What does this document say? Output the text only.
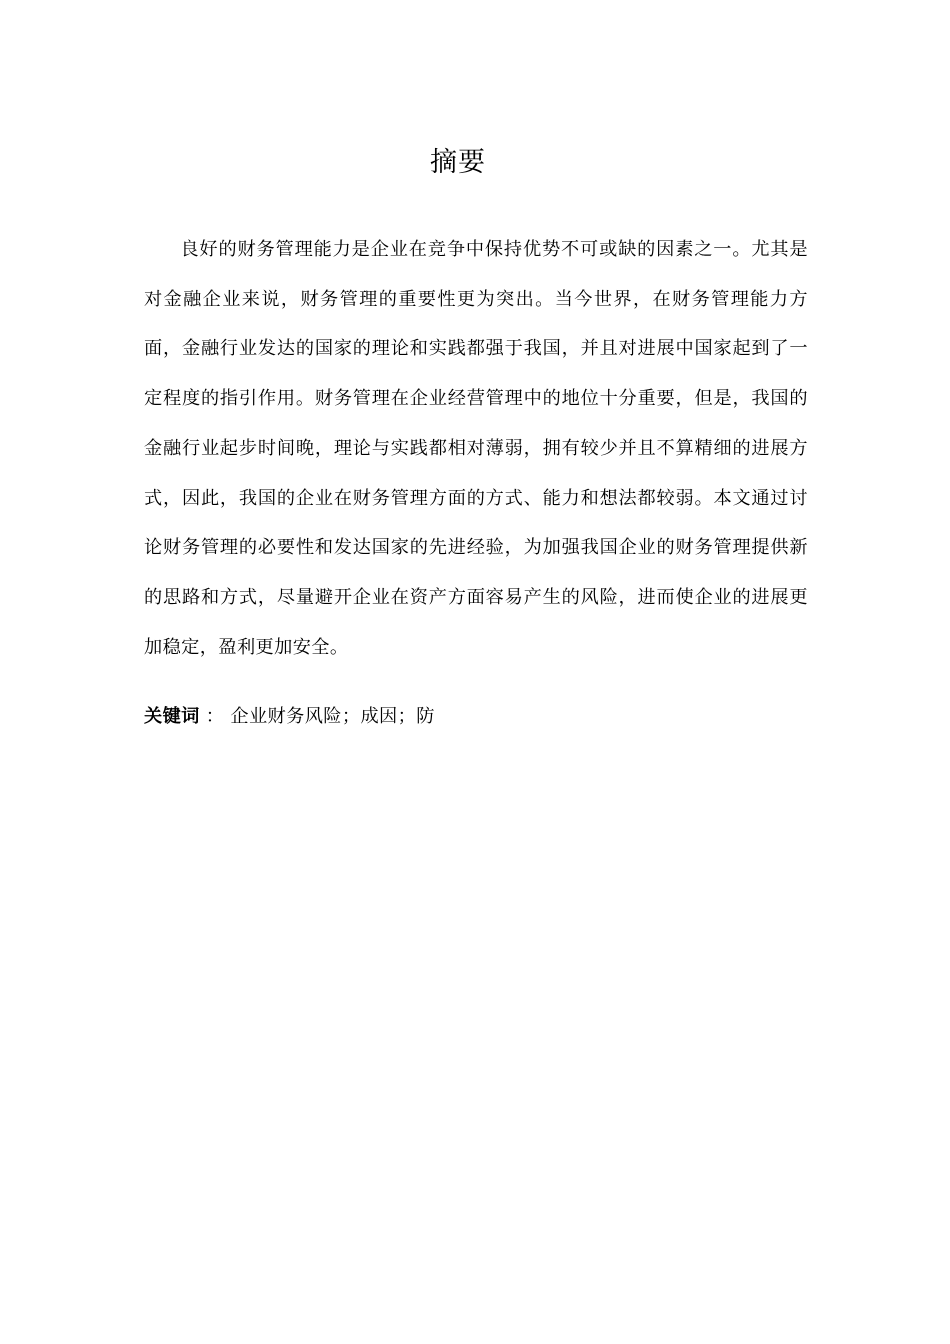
摘要

良好的财务管理能力是企业在竞争中保持优势不可或缺的因素之一。尤其是对金融企业来说，财务管理的重要性更为突出。当今世界，在财务管理能力方面，金融行业发达的国家的理论和实践都强于我国，并且对进展中国家起到了一定程度的指引作用。财务管理在企业经营管理中的地位十分重要，但是，我国的金融行业起步时间晚，理论与实践都相对薄弱，拥有较少并且不算精细的进展方式，因此，我国的企业在财务管理方面的方式、能力和想法都较弱。本文通过讨论财务管理的必要性和发达国家的先进经验，为加强我国企业的财务管理提供新的思路和方式，尽量避开企业在资产方面容易产生的风险，进而使企业的进展更加稳定，盈利更加安全。

关键词 ： 企业财务风险；成因；防
